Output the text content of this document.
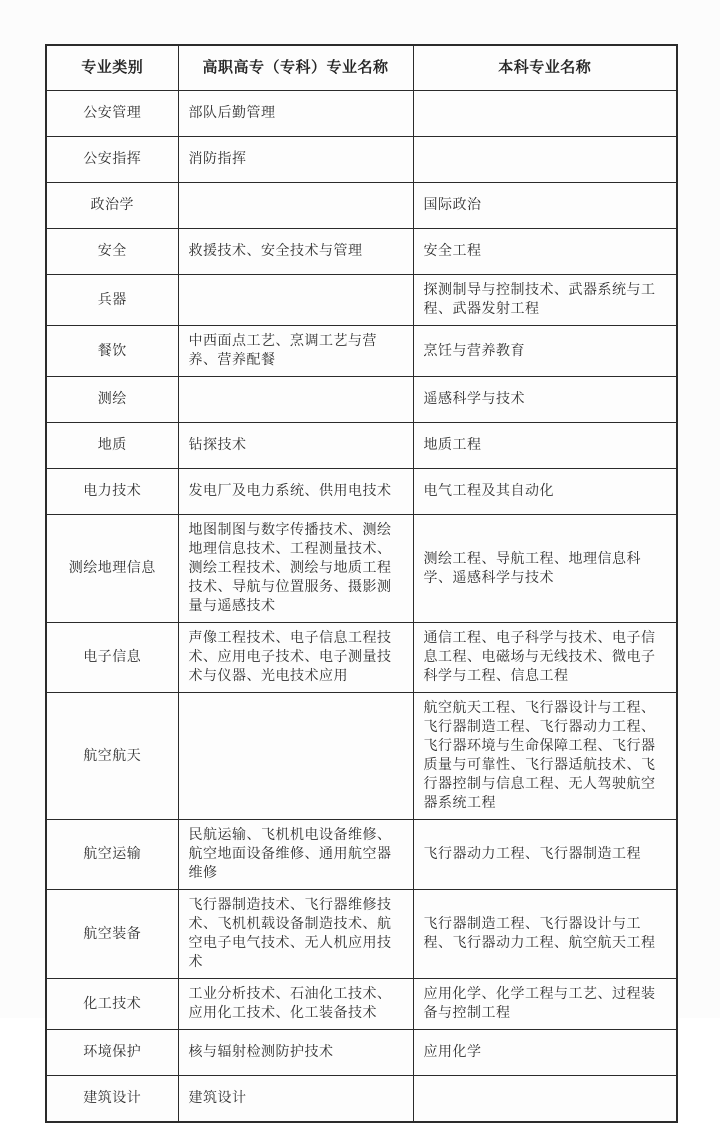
专业类别	高职高专（专科）专业名称	本科专业名称
公安管理	部队后勤管理	
公安指挥	消防指挥	
政治学		国际政治
安全	救援技术、安全技术与管理	安全工程
兵器		探测制导与控制技术、武器系统与工程、武器发射工程
餐饮	中西面点工艺、烹调工艺与营养、营养配餐	烹饪与营养教育
测绘		遥感科学与技术
地质	钻探技术	地质工程
电力技术	发电厂及电力系统、供用电技术	电气工程及其自动化
测绘地理信息	地图制图与数字传播技术、测绘地理信息技术、工程测量技术、测绘工程技术、测绘与地质工程技术、导航与位置服务、摄影测量与遥感技术	测绘工程、导航工程、地理信息科学、遥感科学与技术
电子信息	声像工程技术、电子信息工程技术、应用电子技术、电子测量技术与仪器、光电技术应用	通信工程、电子科学与技术、电子信息工程、电磁场与无线技术、微电子科学与工程、信息工程
航空航天		航空航天工程、飞行器设计与工程、飞行器制造工程、飞行器动力工程、飞行器环境与生命保障工程、飞行器质量与可靠性、飞行器适航技术、飞行器控制与信息工程、无人驾驶航空器系统工程
航空运输	民航运输、飞机机电设备维修、航空地面设备维修、通用航空器维修	飞行器动力工程、飞行器制造工程
航空装备	飞行器制造技术、飞行器维修技术、飞机机载设备制造技术、航空电子电气技术、无人机应用技术	飞行器制造工程、飞行器设计与工程、飞行器动力工程、航空航天工程
化工技术	工业分析技术、石油化工技术、应用化工技术、化工装备技术	应用化学、化学工程与工艺、过程装备与控制工程
环境保护	核与辐射检测防护技术	应用化学
建筑设计	建筑设计	
